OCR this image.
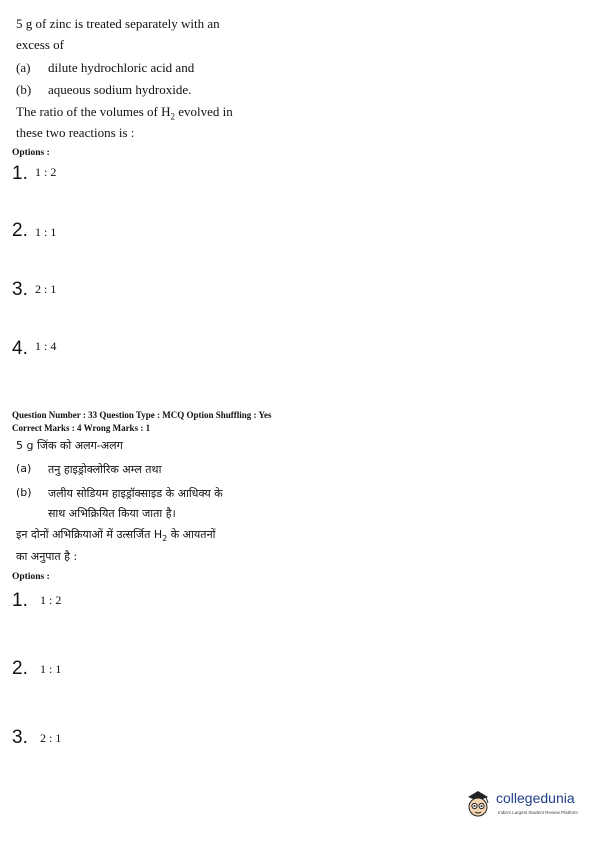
5 g of zinc is treated separately with an
excess of
(a) dilute hydrochloric acid and
(b) aqueous sodium hydroxide.
The ratio of the volumes of $H_2$ evolved in
these two reactions is :
Options :
1. 1 : 2
2. 1 : 1
3. 2 : 1
4. 1 : 4
Question Number : 33 Question Type : MCQ Option Shuffling : Yes
Correct Marks : 4 Wrong Marks : 1
5 g जिंक को अलग-अलग
(a) तनु हाइड्रोक्लोरिक अम्ल तथा
(b) जलीय सोडियम हाइड्रॉक्साइड के आधिक्य के
साथ अभिक्रियित किया जाता है।
इन दोनों अभिक्रियाओं में उत्सर्जित $H_2$ के आयतनों
का अनुपात है :
Options :
1. 1 : 2
2. 1 : 1
3. 2 : 1
collegedunia
India's Largest Student Review Platform
